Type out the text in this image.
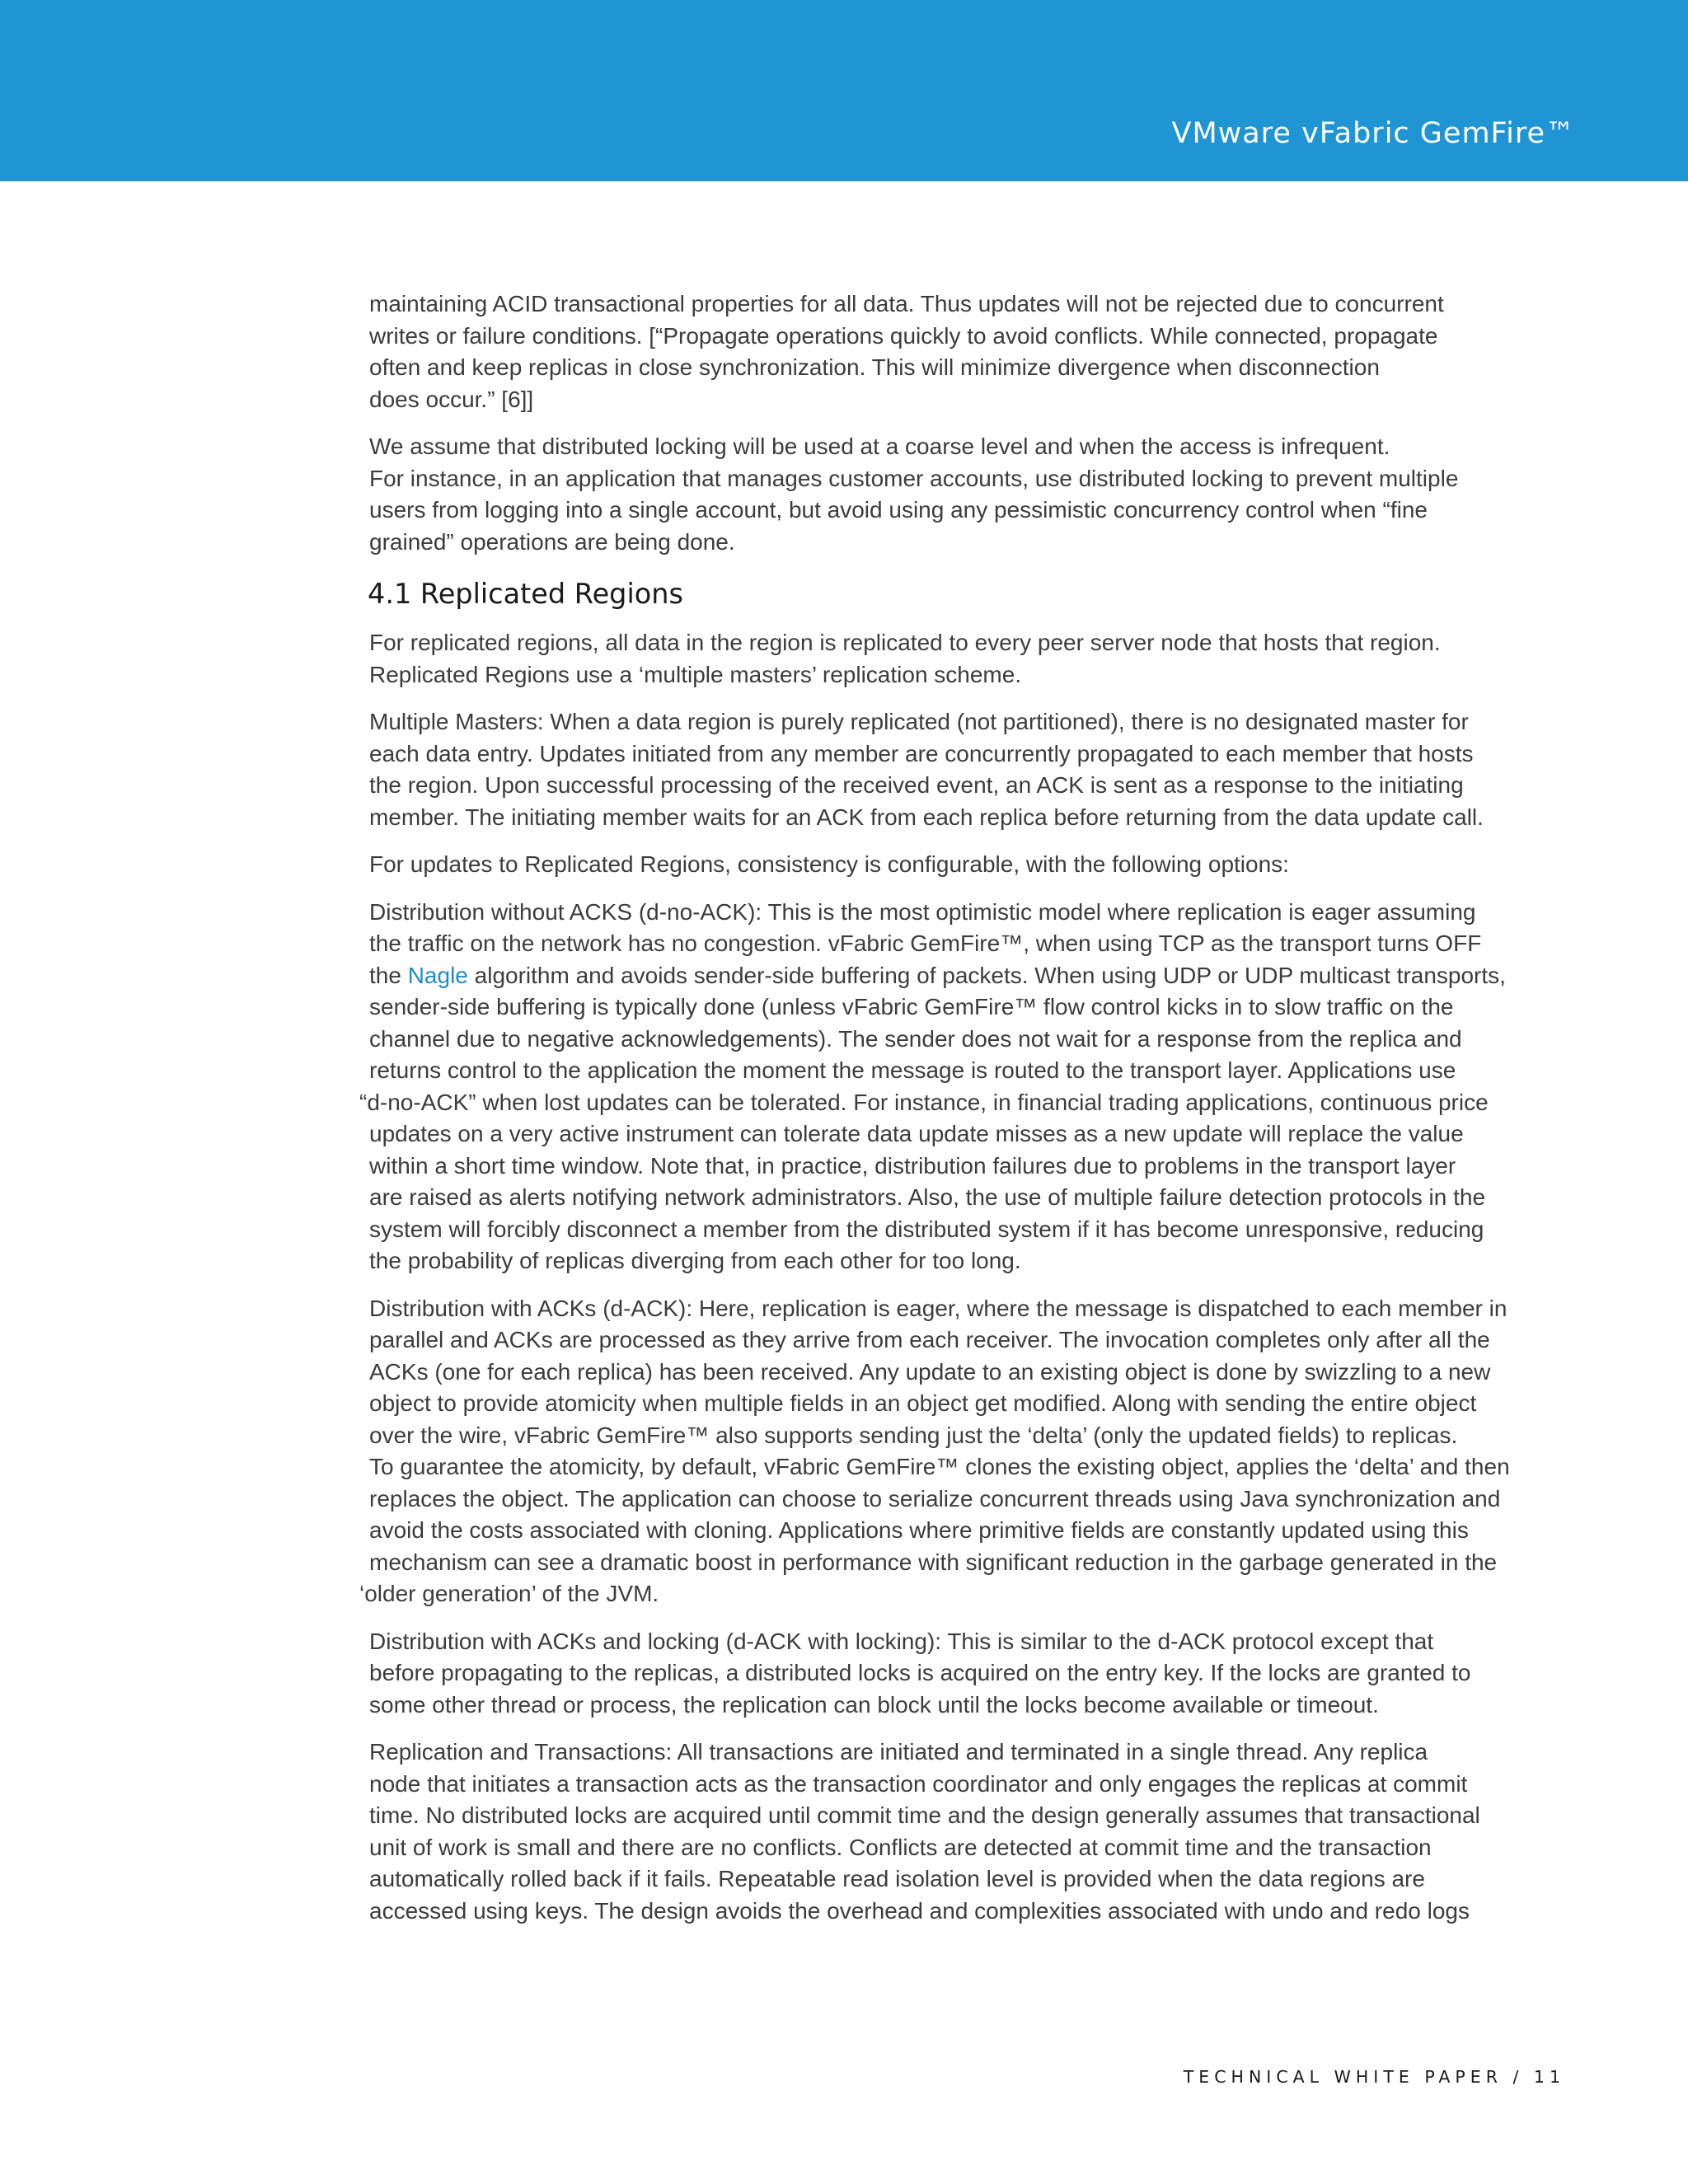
VMware vFabric GemFire™

maintaining ACID transactional properties for all data. Thus updates will not be rejected due to concurrent
writes or failure conditions. [“Propagate operations quickly to avoid conflicts. While connected, propagate
often and keep replicas in close synchronization. This will minimize divergence when disconnection
does occur.” [6]]

We assume that distributed locking will be used at a coarse level and when the access is infrequent.
For instance, in an application that manages customer accounts, use distributed locking to prevent multiple
users from logging into a single account, but avoid using any pessimistic concurrency control when “fine
grained” operations are being done.

4.1 Replicated Regions

For replicated regions, all data in the region is replicated to every peer server node that hosts that region.
Replicated Regions use a ‘multiple masters’ replication scheme.

Multiple Masters: When a data region is purely replicated (not partitioned), there is no designated master for
each data entry. Updates initiated from any member are concurrently propagated to each member that hosts
the region. Upon successful processing of the received event, an ACK is sent as a response to the initiating
member. The initiating member waits for an ACK from each replica before returning from the data update call.

For updates to Replicated Regions, consistency is configurable, with the following options:

Distribution without ACKS (d-no-ACK): This is the most optimistic model where replication is eager assuming
the traffic on the network has no congestion. vFabric GemFire™, when using TCP as the transport turns OFF
the Nagle algorithm and avoids sender-side buffering of packets. When using UDP or UDP multicast transports,
sender-side buffering is typically done (unless vFabric GemFire™ flow control kicks in to slow traffic on the
channel due to negative acknowledgements). The sender does not wait for a response from the replica and
returns control to the application the moment the message is routed to the transport layer. Applications use
“d-no-ACK” when lost updates can be tolerated. For instance, in financial trading applications, continuous price
updates on a very active instrument can tolerate data update misses as a new update will replace the value
within a short time window. Note that, in practice, distribution failures due to problems in the transport layer
are raised as alerts notifying network administrators. Also, the use of multiple failure detection protocols in the
system will forcibly disconnect a member from the distributed system if it has become unresponsive, reducing
the probability of replicas diverging from each other for too long.

Distribution with ACKs (d-ACK): Here, replication is eager, where the message is dispatched to each member in
parallel and ACKs are processed as they arrive from each receiver. The invocation completes only after all the
ACKs (one for each replica) has been received. Any update to an existing object is done by swizzling to a new
object to provide atomicity when multiple fields in an object get modified. Along with sending the entire object
over the wire, vFabric GemFire™ also supports sending just the ‘delta’ (only the updated fields) to replicas.
To guarantee the atomicity, by default, vFabric GemFire™ clones the existing object, applies the ‘delta’ and then
replaces the object. The application can choose to serialize concurrent threads using Java synchronization and
avoid the costs associated with cloning. Applications where primitive fields are constantly updated using this
mechanism can see a dramatic boost in performance with significant reduction in the garbage generated in the
‘older generation’ of the JVM.

Distribution with ACKs and locking (d-ACK with locking): This is similar to the d-ACK protocol except that
before propagating to the replicas, a distributed locks is acquired on the entry key. If the locks are granted to
some other thread or process, the replication can block until the locks become available or timeout.

Replication and Transactions: All transactions are initiated and terminated in a single thread. Any replica
node that initiates a transaction acts as the transaction coordinator and only engages the replicas at commit
time. No distributed locks are acquired until commit time and the design generally assumes that transactional
unit of work is small and there are no conflicts. Conflicts are detected at commit time and the transaction
automatically rolled back if it fails. Repeatable read isolation level is provided when the data regions are
accessed using keys. The design avoids the overhead and complexities associated with undo and redo logs

TECHNICAL WHITE PAPER / 11
